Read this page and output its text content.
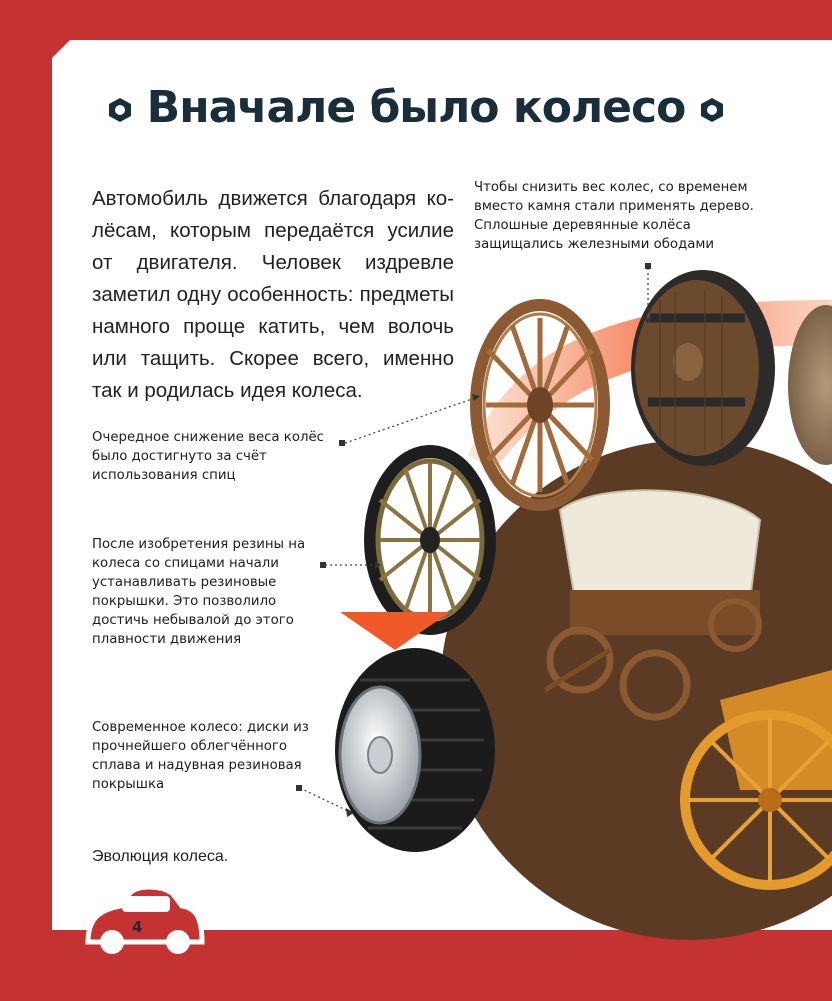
Вначале было колесо
Автомобиль движется благодаря ко-лёсам, которым передаётся усилие от двигателя. Человек издревле заметил одну особенность: предметы намного проще катить, чем волочь или тащить. Скорее всего, именно так и родилась идея колеса.
Чтобы снизить вес колес, со временем вместо камня стали применять дерево. Сплошные деревянные колёса защищались железными ободами
Очередное снижение веса колёс было достигнуто за счёт использования спиц
После изобретения резины на колеса со спицами начали устанавливать резиновые покрышки. Это позволило достичь небывалой до этого плавности движения
Современное колесо: диски из прочнейшего облегчённого сплава и надувная резиновая покрышка
Эволюция колеса.
4
